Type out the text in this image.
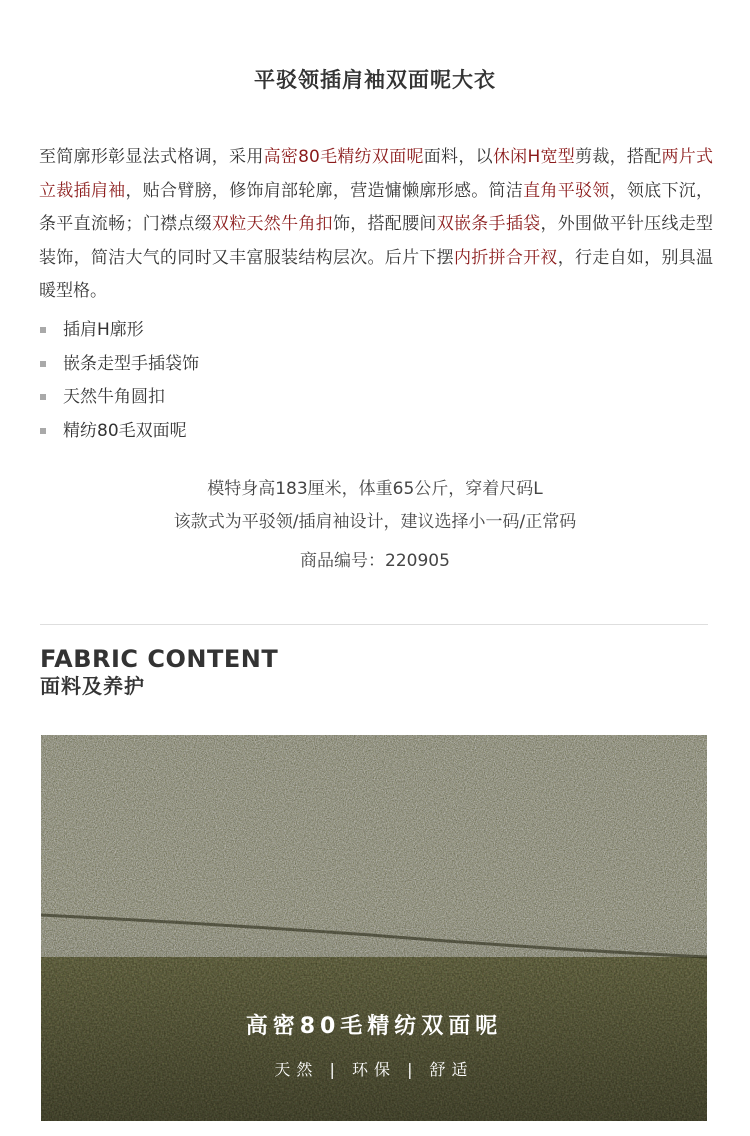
平驳领插肩袖双面呢大衣

至简廓形彰显法式格调，采用高密80毛精纺双面呢面料，以休闲H宽型剪裁，搭配两片式立裁插肩袖，贴合臂膀，修饰肩部轮廓，营造慵懒廓形感。简洁直角平驳领，领底下沉，条平直流畅；门襟点缀双粒天然牛角扣饰，搭配腰间双嵌条手插袋，外围做平针压线走型装饰，简洁大气的同时又丰富服装结构层次。后片下摆内折拼合开衩，行走自如，别具温暖型格。

插肩H廓形
嵌条走型手插袋饰
天然牛角圆扣
精纺80毛双面呢
模特身高183厘米，体重65公斤，穿着尺码L
该款式为平驳领/插肩袖设计，建议选择小一码/正常码
商品编号：220905
FABRIC CONTENT
面料及养护
高密80毛精纺双面呢
天然 | 环保 | 舒适
